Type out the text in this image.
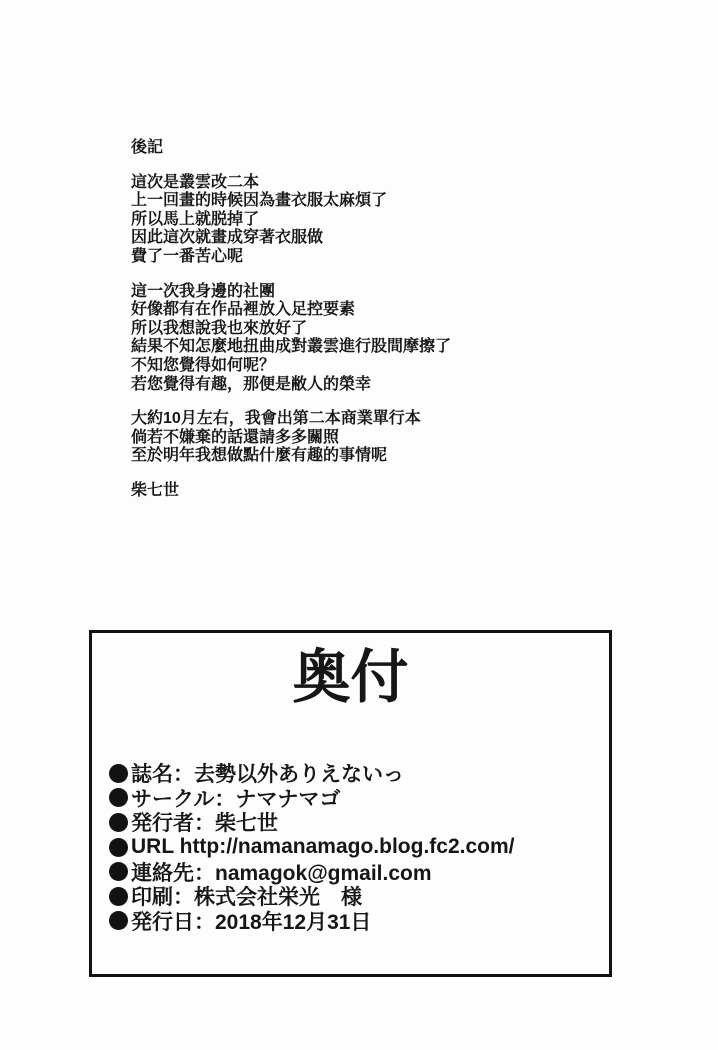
後記

這次是叢雲改二本
上一回畫的時候因為畫衣服太麻煩了
所以馬上就脱掉了
因此這次就畫成穿著衣服做
費了一番苦心呢

這一次我身邊的社團
好像都有在作品裡放入足控要素
所以我想說我也來放好了
結果不知怎麼地扭曲成對叢雲進行股間摩擦了
不知您覺得如何呢？
若您覺得有趣，那便是敝人的榮幸

大約10月左右，我會出第二本商業單行本
倘若不嫌棄的話還請多多關照
至於明年我想做點什麼有趣的事情呢

柴七世
奥付
誌名：去勢以外ありえないっ
サークル：ナマナマゴ
発行者：柴七世
URL http://namanamago.blog.fc2.com/
連絡先：namagok@gmail.com
印刷：株式会社栄光　様
発行日：2018年12月31日
